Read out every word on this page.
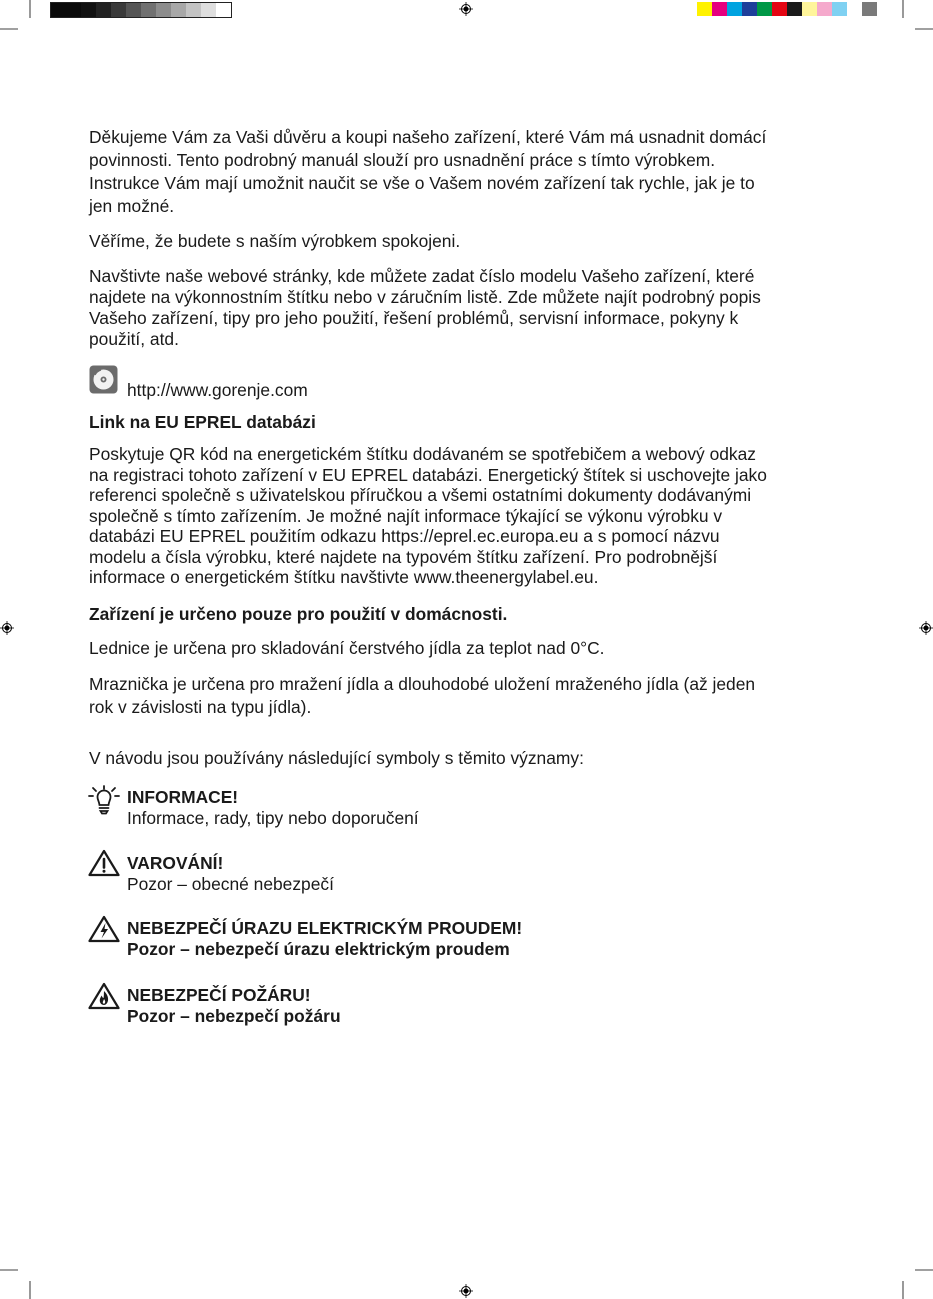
Děkujeme Vám za Vaši důvěru a koupi našeho zařízení, které Vám má usnadnit domácí
povinnosti. Tento podrobný manuál slouží pro usnadnění práce s tímto výrobkem.
Instrukce Vám mají umožnit naučit se vše o Vašem novém zařízení tak rychle, jak je to
jen možné.

Věříme, že budete s naším výrobkem spokojeni.

Navštivte naše webové stránky, kde můžete zadat číslo modelu Vašeho zařízení, které
najdete na výkonnostním štítku nebo v záručním listě. Zde můžete najít podrobný popis
Vašeho zařízení, tipy pro jeho použití, řešení problémů, servisní informace, pokyny k
použití, atd.

http://www.gorenje.com
Link na EU EPREL databázi
Poskytuje QR kód na energetickém štítku dodávaném se spotřebičem a webový odkaz
na registraci tohoto zařízení v EU EPREL databázi. Energetický štítek si uschovejte jako
referenci společně s uživatelskou příručkou a všemi ostatními dokumenty dodávanými
společně s tímto zařízením. Je možné najít informace týkající se výkonu výrobku v
databázi EU EPREL použitím odkazu https://eprel.ec.europa.eu a s pomocí názvu
modelu a čísla výrobku, které najdete na typovém štítku zařízení. Pro podrobnější
informace o energetickém štítku navštivte www.theenergylabel.eu.
Zařízení je určeno pouze pro použití v domácnosti.
Lednice je určena pro skladování čerstvého jídla za teplot nad 0°C.
Mraznička je určena pro mražení jídla a dlouhodobé uložení mraženého jídla (až jeden
rok v závislosti na typu jídla).
V návodu jsou používány následující symboly s těmito významy:
INFORMACE!
Informace, rady, tipy nebo doporučení
VAROVÁNÍ!
Pozor – obecné nebezpečí
NEBEZPEČÍ ÚRAZU ELEKTRICKÝM PROUDEM!
Pozor – nebezpečí úrazu elektrickým proudem
NEBEZPEČÍ POŽÁRU!
Pozor – nebezpečí požáru
